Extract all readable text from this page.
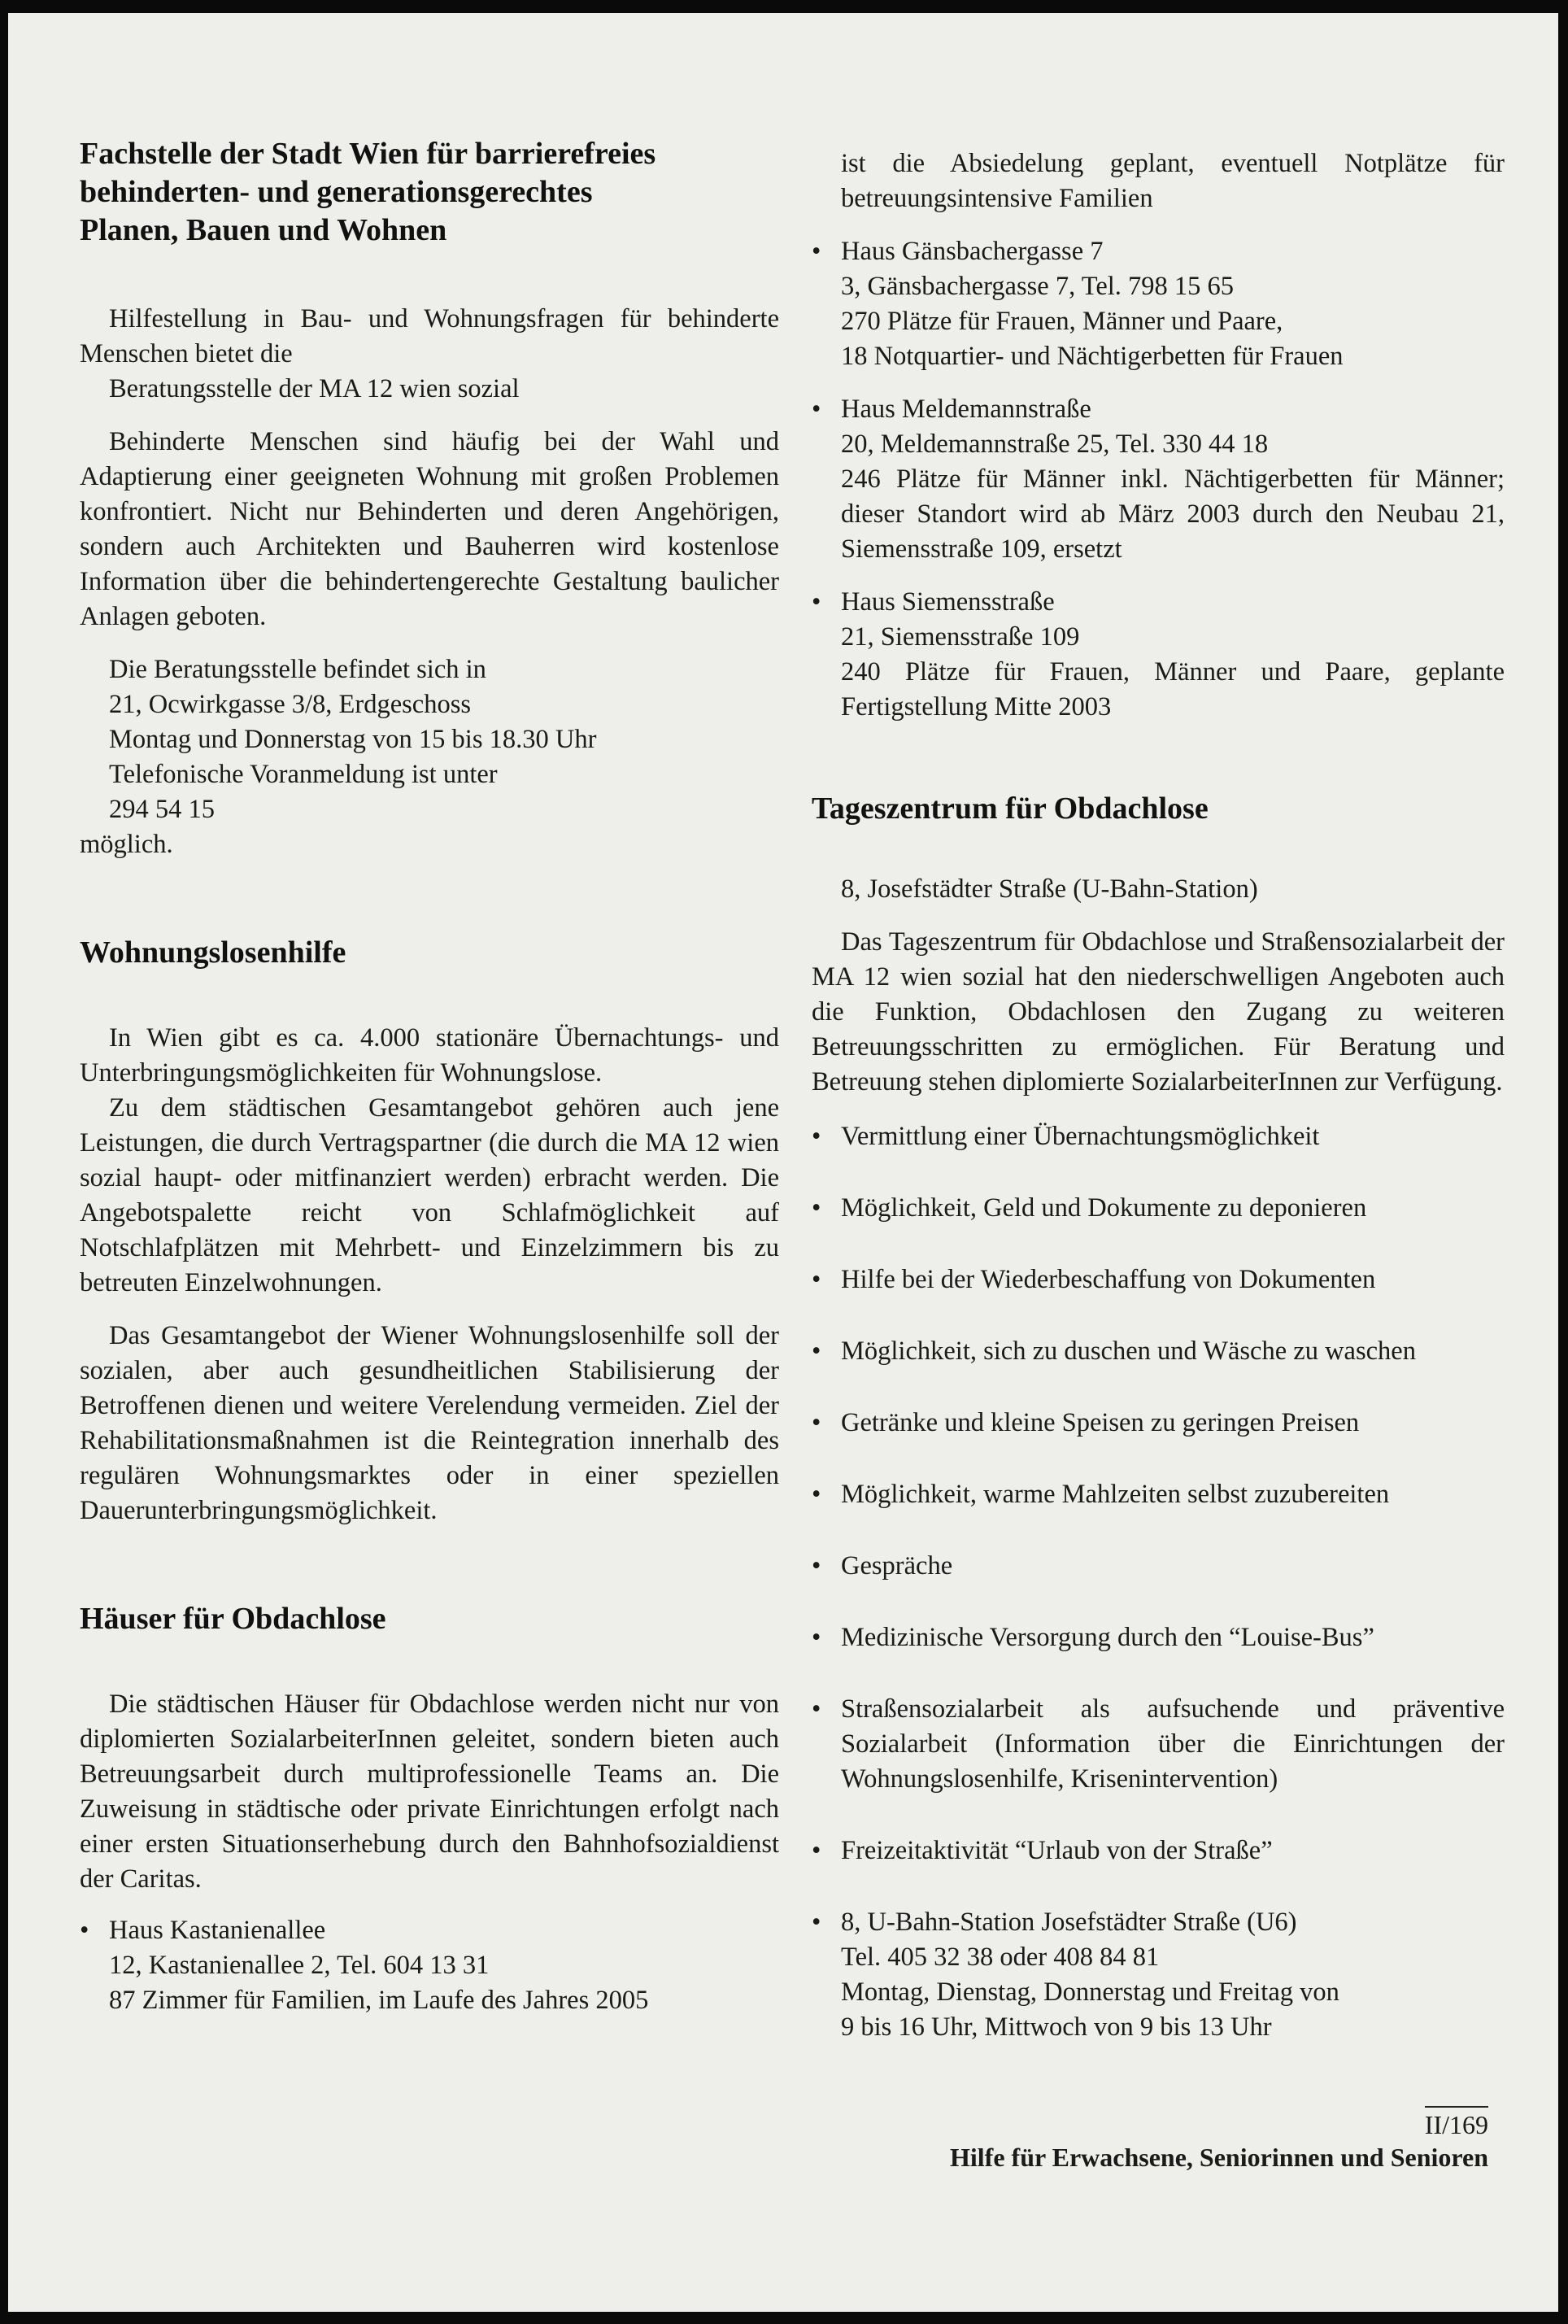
Fachstelle der Stadt Wien für barrierefreies
behinderten- und generationsgerechtes
Planen, Bauen und Wohnen

Hilfestellung in Bau- und Wohnungsfragen für behinderte Menschen bietet die

Beratungsstelle der MA 12 wien sozial

Behinderte Menschen sind häufig bei der Wahl und Adaptierung einer geeigneten Wohnung mit großen Problemen konfrontiert. Nicht nur Behinderten und deren Angehörigen, sondern auch Architekten und Bauherren wird kostenlose Information über die behindertengerechte Gestaltung baulicher Anlagen geboten.

Die Beratungsstelle befindet sich in
21, Ocwirkgasse 3/8, Erdgeschoss
Montag und Donnerstag von 15 bis 18.30 Uhr
Telefonische Voranmeldung ist unter
294 54 15

möglich.

Wohnungslosenhilfe

In Wien gibt es ca. 4.000 stationäre Übernachtungs- und Unterbringungsmöglichkeiten für Wohnungslose.

Zu dem städtischen Gesamtangebot gehören auch jene Leistungen, die durch Vertragspartner (die durch die MA 12 wien sozial haupt- oder mitfinanziert werden) erbracht werden. Die Angebotspalette reicht von Schlafmöglichkeit auf Notschlafplätzen mit Mehrbett- und Einzelzimmern bis zu betreuten Einzelwohnungen.

Das Gesamtangebot der Wiener Wohnungslosenhilfe soll der sozialen, aber auch gesundheitlichen Stabilisierung der Betroffenen dienen und weitere Verelendung vermeiden. Ziel der Rehabilitationsmaßnahmen ist die Reintegration innerhalb des regulären Wohnungsmarktes oder in einer speziellen Dauerunterbringungsmöglichkeit.

Häuser für Obdachlose

Die städtischen Häuser für Obdachlose werden nicht nur von diplomierten SozialarbeiterInnen geleitet, sondern bieten auch Betreuungsarbeit durch multiprofessionelle Teams an. Die Zuweisung in städtische oder private Einrichtungen erfolgt nach einer ersten Situationserhebung durch den Bahnhofsozialdienst der Caritas.

• Haus Kastanienallee
12, Kastanienallee 2, Tel. 604 13 31
87 Zimmer für Familien, im Laufe des Jahres 2005

ist die Absiedelung geplant, eventuell Notplätze für betreuungsintensive Familien

• Haus Gänsbachergasse 7
3, Gänsbachergasse 7, Tel. 798 15 65
270 Plätze für Frauen, Männer und Paare,
18 Notquartier- und Nächtigerbetten für Frauen
• Haus Meldemannstraße
20, Meldemannstraße 25, Tel. 330 44 18
246 Plätze für Männer inkl. Nächtigerbetten für Männer; dieser Standort wird ab März 2003 durch den Neubau 21, Siemensstraße 109, ersetzt
• Haus Siemensstraße
21, Siemensstraße 109
240 Plätze für Frauen, Männer und Paare, geplante Fertigstellung Mitte 2003
Tageszentrum für Obdachlose

8, Josefstädter Straße (U-Bahn-Station)

Das Tageszentrum für Obdachlose und Straßensozialarbeit der MA 12 wien sozial hat den niederschwelligen Angeboten auch die Funktion, Obdachlosen den Zugang zu weiteren Betreuungsschritten zu ermöglichen. Für Beratung und Betreuung stehen diplomierte SozialarbeiterInnen zur Verfügung.

• Vermittlung einer Übernachtungsmöglichkeit
• Möglichkeit, Geld und Dokumente zu deponieren
• Hilfe bei der Wiederbeschaffung von Dokumenten
• Möglichkeit, sich zu duschen und Wäsche zu waschen
• Getränke und kleine Speisen zu geringen Preisen
• Möglichkeit, warme Mahlzeiten selbst zuzubereiten
• Gespräche
• Medizinische Versorgung durch den “Louise-Bus”
• Straßensozialarbeit als aufsuchende und präventive Sozialarbeit (Information über die Einrichtungen der Wohnungslosenhilfe, Krisenintervention)
• Freizeitaktivität “Urlaub von der Straße”
• 8, U-Bahn-Station Josefstädter Straße (U6)
Tel. 405 32 38 oder 408 84 81
Montag, Dienstag, Donnerstag und Freitag von
9 bis 16 Uhr, Mittwoch von 9 bis 13 Uhr
II/169
Hilfe für Erwachsene, Seniorinnen und Senioren
